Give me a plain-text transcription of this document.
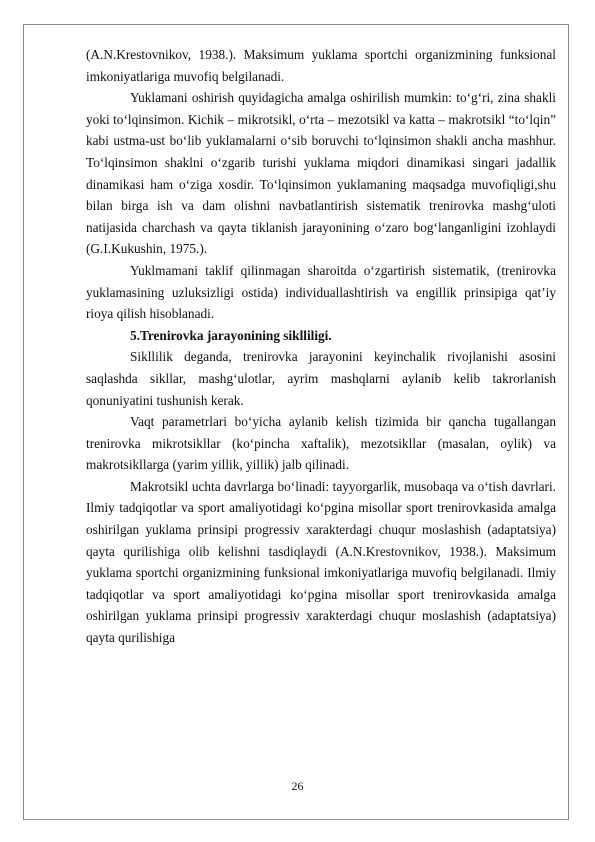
(A.N.Krestovnikov, 1938.). Maksimum yuklama sportchi organizmining funksional imkoniyatlariga muvofiq belgilanadi.

Yuklamani oshirish quyidagicha amalga oshirilish mumkin: to‘g‘ri, zina shakli yoki to‘lqinsimon. Kichik – mikrotsikl, o‘rta – mezotsikl va katta – makrotsikl “to‘lqin” kabi ustma-ust bo‘lib yuklamalarni o‘sib boruvchi to‘lqinsimon shakli ancha mashhur. To‘lqinsimon shaklni o‘zgarib turishi yuklama miqdori dinamikasi singari jadallik dinamikasi ham o‘ziga xosdir. To‘lqinsimon yuklamaning maqsadga muvofiqligi,shu bilan birga ish va dam olishni navbatlantirish sistematik trenirovka mashg‘uloti natijasida charchash va qayta tiklanish jarayonining o‘zaro bog‘langanligini izohlaydi (G.I.Kukushin, 1975.).

Yuklmamani taklif qilinmagan sharoitda o‘zgartirish sistematik, (trenirovka yuklamasining uzluksizligi ostida) individuallashtirish va engillik prinsipiga qat’iy rioya qilish hisoblanadi.

5.Trenirovka jarayonining siklliligi.

Sikllilik deganda, trenirovka jarayonini keyinchalik rivojlanishi asosini saqlashda sikllar, mashg‘ulotlar, ayrim mashqlarni aylanib kelib takrorlanish qonuniyatini tushunish kerak.

Vaqt parametrlari bo‘yicha aylanib kelish tizimida bir qancha tugallangan trenirovka mikrotsikllar (ko‘pincha xaftalik), mezotsikllar (masalan, oylik) va makrotsikllarga (yarim yillik, yillik) jalb qilinadi.

Makrotsikl uchta davrlarga bo‘linadi: tayyorgarlik, musobaqa va o‘tish davrlari. Ilmiy tadqiqotlar va sport amaliyotidagi ko‘pgina misollar sport trenirovkasida amalga oshirilgan yuklama prinsipi progressiv xarakterdagi chuqur moslashish (adaptatsiya) qayta qurilishiga olib kelishni tasdiqlaydi (A.N.Krestovnikov, 1938.). Maksimum yuklama sportchi organizmining funksional imkoniyatlariga muvofiq belgilanadi. Ilmiy tadqiqotlar va sport amaliyotidagi ko‘pgina misollar sport trenirovkasida amalga oshirilgan yuklama prinsipi progressiv xarakterdagi chuqur moslashish (adaptatsiya) qayta qurilishiga

26
